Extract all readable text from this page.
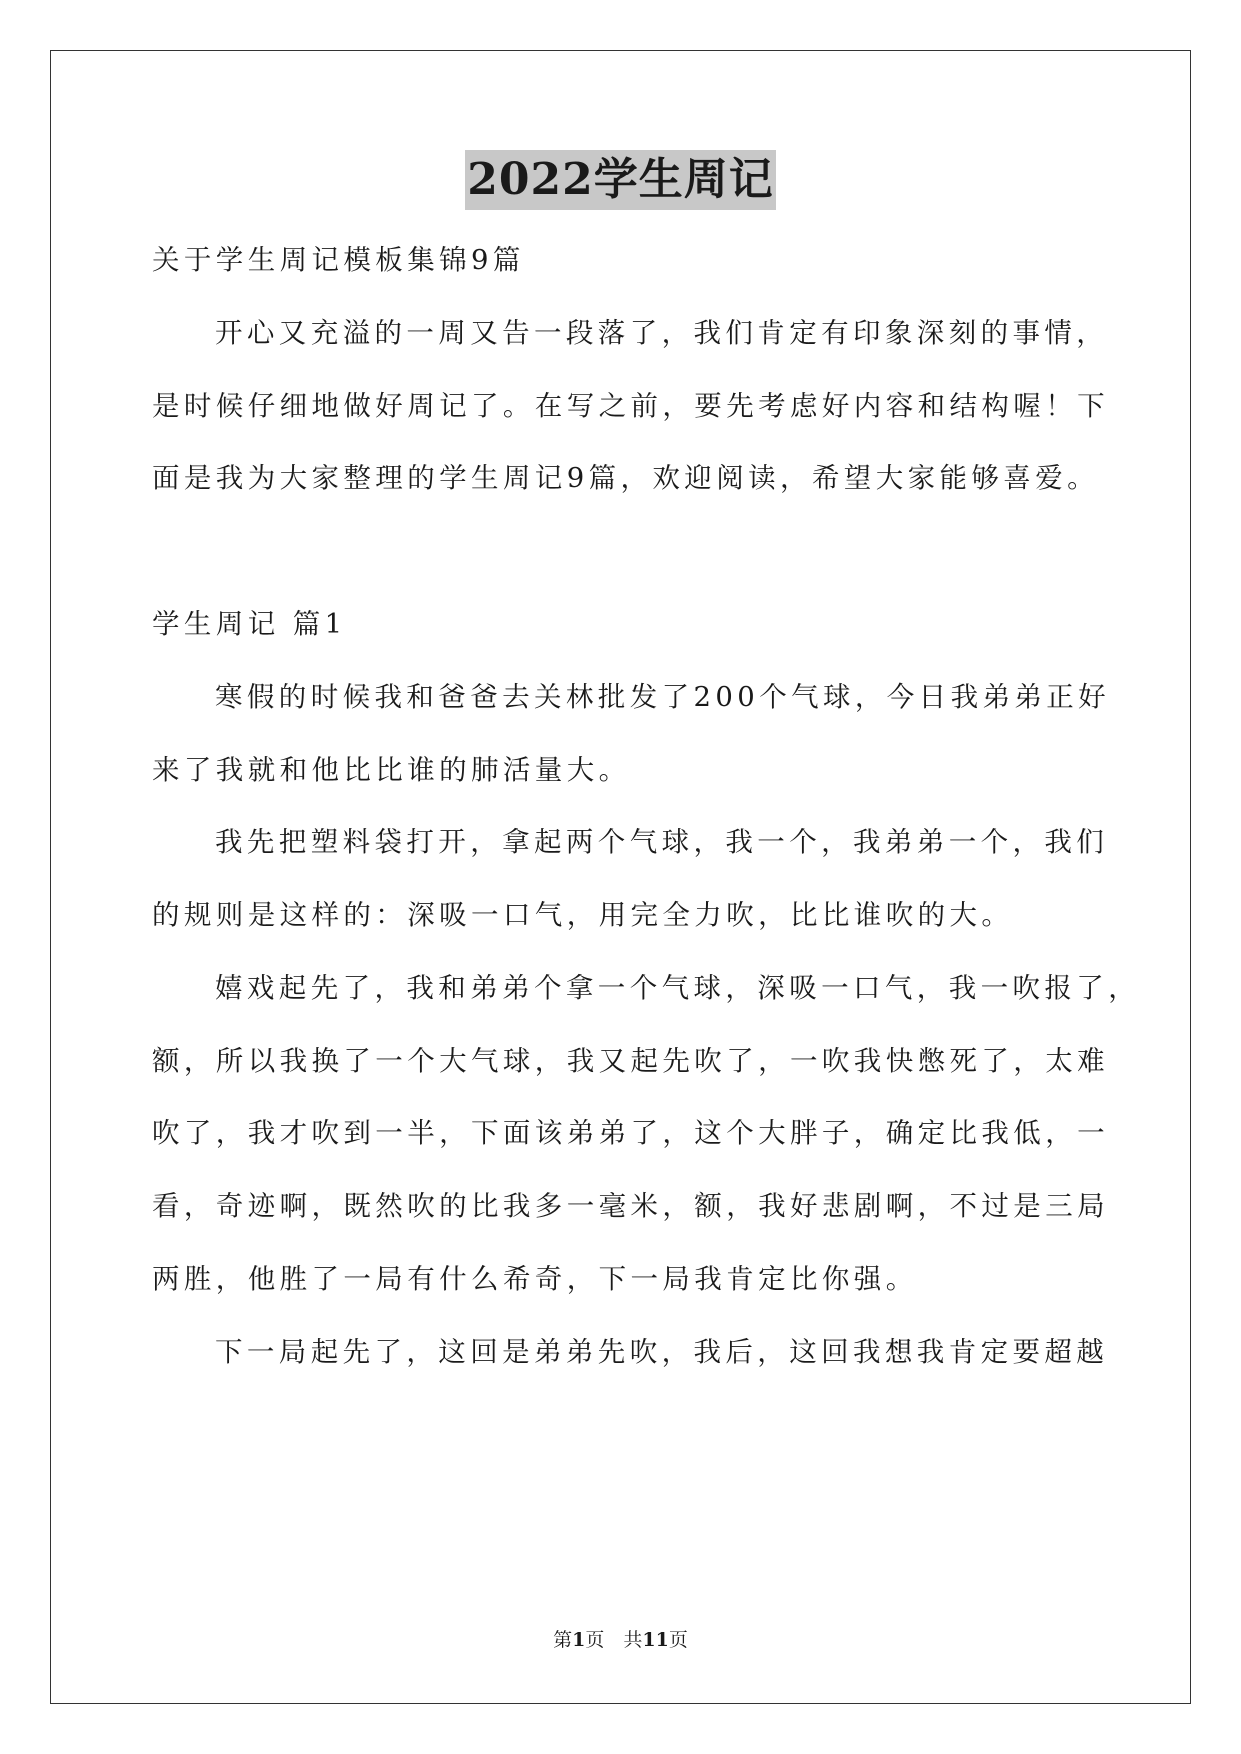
2022学生周记
关于学生周记模板集锦9篇
开心又充溢的一周又告一段落了，我们肯定有印象深刻的事情，
是时候仔细地做好周记了。在写之前，要先考虑好内容和结构喔！下
面是我为大家整理的学生周记9篇，欢迎阅读，希望大家能够喜爱。
学生周记 篇1
寒假的时候我和爸爸去关林批发了200个气球，今日我弟弟正好
来了我就和他比比谁的肺活量大。
我先把塑料袋打开，拿起两个气球，我一个，我弟弟一个，我们
的规则是这样的：深吸一口气，用完全力吹，比比谁吹的大。
嬉戏起先了，我和弟弟个拿一个气球，深吸一口气，我一吹报了，
额，所以我换了一个大气球，我又起先吹了，一吹我快憋死了，太难
吹了，我才吹到一半，下面该弟弟了，这个大胖子，确定比我低，一
看，奇迹啊，既然吹的比我多一毫米，额，我好悲剧啊，不过是三局
两胜，他胜了一局有什么希奇，下一局我肯定比你强。
下一局起先了，这回是弟弟先吹，我后，这回我想我肯定要超越
第1页　共11页
